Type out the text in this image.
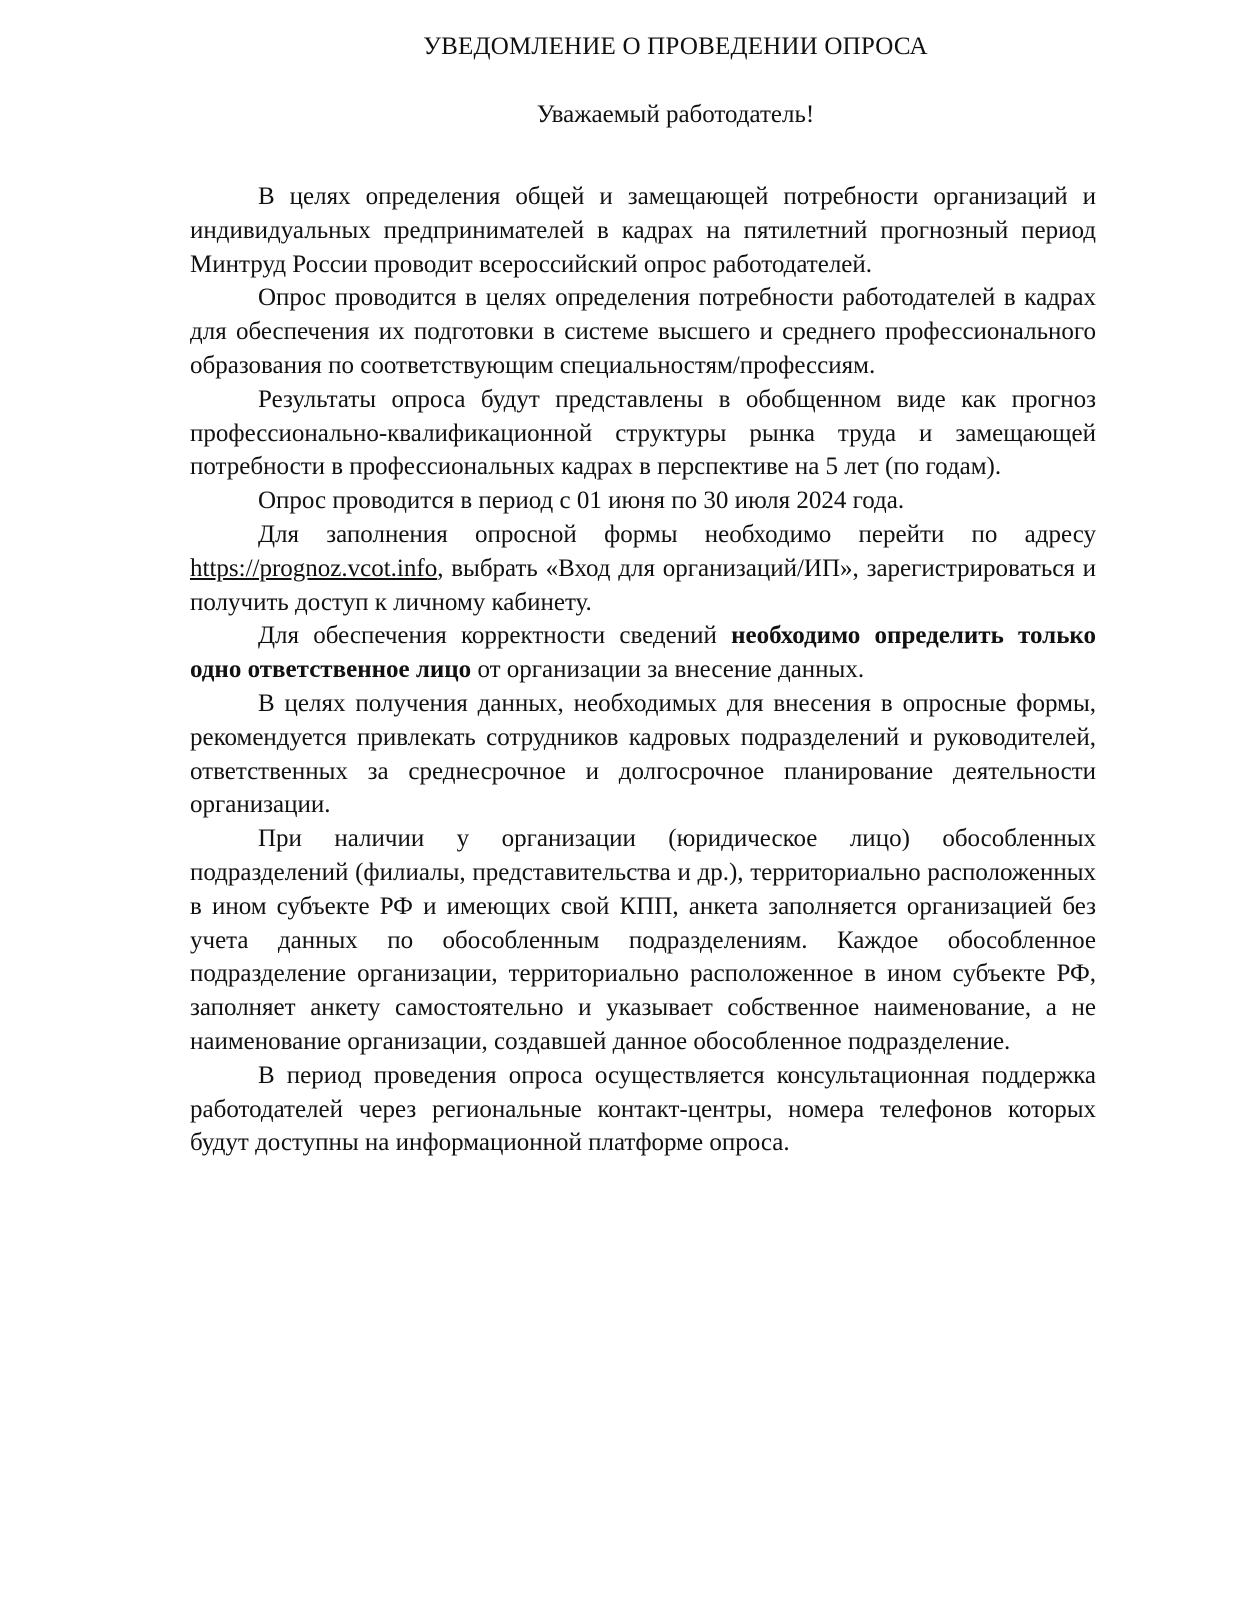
УВЕДОМЛЕНИЕ О ПРОВЕДЕНИИ ОПРОСА

Уважаемый работодатель!

В целях определения общей и замещающей потребности организаций и индивидуальных предпринимателей в кадрах на пятилетний прогнозный период Минтруд России проводит всероссийский опрос работодателей.

Опрос проводится в целях определения потребности работодателей в кадрах для обеспечения их подготовки в системе высшего и среднего профессионального образования по соответствующим специальностям/профессиям.

Результаты опроса будут представлены в обобщенном виде как прогноз профессионально-квалификационной структуры рынка труда и замещающей потребности в профессиональных кадрах в перспективе на 5 лет (по годам).

Опрос проводится в период с 01 июня по 30 июля 2024 года.

Для заполнения опросной формы необходимо перейти по адресу https://prognoz.vcot.info, выбрать «Вход для организаций/ИП», зарегистрироваться и получить доступ к личному кабинету.

Для обеспечения корректности сведений необходимо определить только одно ответственное лицо от организации за внесение данных.

В целях получения данных, необходимых для внесения в опросные формы, рекомендуется привлекать сотрудников кадровых подразделений и руководителей, ответственных за среднесрочное и долгосрочное планирование деятельности организации.

При наличии у организации (юридическое лицо) обособленных подразделений (филиалы, представительства и др.), территориально расположенных в ином субъекте РФ и имеющих свой КПП, анкета заполняется организацией без учета данных по обособленным подразделениям. Каждое обособленное подразделение организации, территориально расположенное в ином субъекте РФ, заполняет анкету самостоятельно и указывает собственное наименование, а не наименование организации, создавшей данное обособленное подразделение.

В период проведения опроса осуществляется консультационная поддержка работодателей через региональные контакт-центры, номера телефонов которых будут доступны на информационной платформе опроса.
